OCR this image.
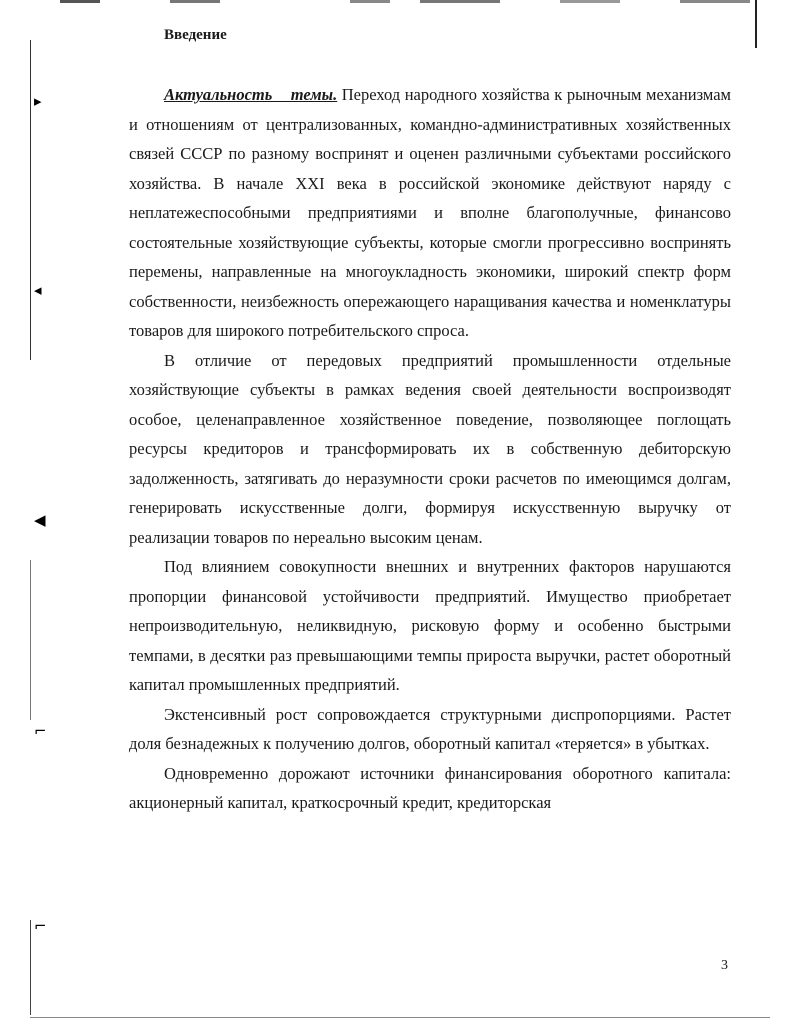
▸
◂
◀
⌐
⌐
Введение

Актуальность темы. Переход народного хозяйства к рыночным механизмам и отношениям от централизованных, командно-административных хозяйственных связей СССР по разному воспринят и оценен различными субъектами российского хозяйства. В начале XXI века в российской экономике действуют наряду с неплатежеспособными предприятиями и вполне благополучные, финансово состоятельные хозяйствующие субъекты, которые смогли прогрессивно воспринять перемены, направленные на многоукладность экономики, широкий спектр форм собственности, неизбежность опережающего наращивания качества и номенклатуры товаров для широкого потребительского спроса.

В отличие от передовых предприятий промышленности отдельные хозяйствующие субъекты в рамках ведения своей деятельности воспроизводят особое, целенаправленное хозяйственное поведение, позволяющее поглощать ресурсы кредиторов и трансформировать их в собственную дебиторскую задолженность, затягивать до неразумности сроки расчетов по имеющимся долгам, генерировать искусственные долги, формируя искусственную выручку от реализации товаров по нереально высоким ценам.

Под влиянием совокупности внешних и внутренних факторов нарушаются пропорции финансовой устойчивости предприятий. Имущество приобретает непроизводительную, неликвидную, рисковую форму и особенно быстрыми темпами, в десятки раз превышающими темпы прироста выручки, растет оборотный капитал промышленных предприятий.

Экстенсивный рост сопровождается структурными диспропорциями. Растет доля безнадежных к получению долгов, оборотный капитал «теряется» в убытках.

Одновременно дорожают источники финансирования оборотного капитала: акционерный капитал, краткосрочный кредит, кредиторская

3
